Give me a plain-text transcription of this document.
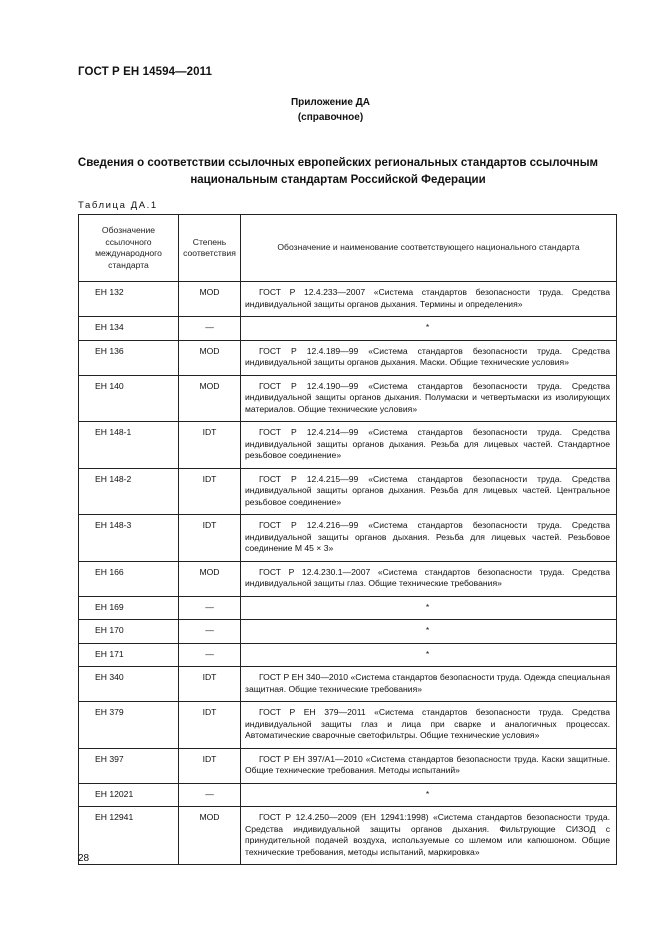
ГОСТ Р ЕН 14594—2011
Приложение ДА
(справочное)
Сведения о соответствии ссылочных европейских региональных стандартов ссылочным национальным стандартам Российской Федерации
Таблица ДА.1
Обозначение ссылочного международного стандарта	Степень соответствия	Обозначение и наименование соответствующего национального стандарта
ЕН 132	MOD	ГОСТ Р 12.4.233—2007 «Система стандартов безопасности труда. Средства индивидуальной защиты органов дыхания. Термины и определения»
ЕН 134	—	*
ЕН 136	MOD	ГОСТ Р 12.4.189—99 «Система стандартов безопасности труда. Средства индивидуальной защиты органов дыхания. Маски. Общие технические условия»
ЕН 140	MOD	ГОСТ Р 12.4.190—99 «Система стандартов безопасности труда. Средства индивидуальной защиты органов дыхания. Полумаски и четвертьмаски из изолирующих материалов. Общие технические условия»
ЕН 148-1	IDT	ГОСТ Р 12.4.214—99 «Система стандартов безопасности труда. Средства индивидуальной защиты органов дыхания. Резьба для лицевых частей. Стандартное резьбовое соединение»
ЕН 148-2	IDT	ГОСТ Р 12.4.215—99 «Система стандартов безопасности труда. Средства индивидуальной защиты органов дыхания. Резьба для лицевых частей. Центральное резьбовое соединение»
ЕН 148-3	IDT	ГОСТ Р 12.4.216—99 «Система стандартов безопасности труда. Средства индивидуальной защиты органов дыхания. Резьба для лицевых частей. Резьбовое соединение М 45 × 3»
ЕН 166	MOD	ГОСТ Р 12.4.230.1—2007 «Система стандартов безопасности труда. Средства индивидуальной защиты глаз. Общие технические требования»
ЕН 169	—	*
ЕН 170	—	*
ЕН 171	—	*
ЕН 340	IDT	ГОСТ Р ЕН 340—2010 «Система стандартов безопасности труда. Одежда специальная защитная. Общие технические требования»
ЕН 379	IDT	ГОСТ Р ЕН 379—2011 «Система стандартов безопасности труда. Средства индивидуальной защиты глаз и лица при сварке и аналогичных процессах. Автоматические сварочные светофильтры. Общие технические условия»
ЕН 397	IDT	ГОСТ Р ЕН 397/А1—2010 «Система стандартов безопасности труда. Каски защитные. Общие технические требования. Методы испытаний»
ЕН 12021	—	*
ЕН 12941	MOD	ГОСТ Р 12.4.250—2009 (ЕН 12941:1998) «Система стандартов безопасности труда. Средства индивидуальной защиты органов дыхания. Фильтрующие СИЗОД с принудительной подачей воздуха, используемые со шлемом или капюшоном. Общие технические требования, методы испытаний, маркировка»
28
